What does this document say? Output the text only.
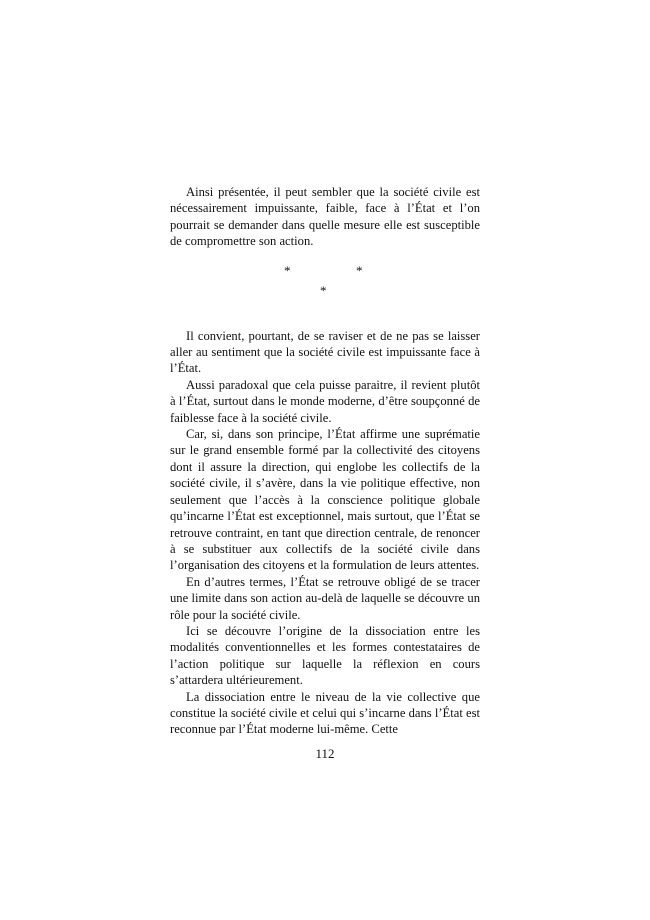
Ainsi présentée, il peut sembler que la société civile est nécessairement impuissante, faible, face à l’État et l’on pourrait se demander dans quelle mesure elle est susceptible de compromettre son action.

*	*
*

Il convient, pourtant, de se raviser et de ne pas se laisser aller au sentiment que la société civile est impuissante face à l’État.

Aussi paradoxal que cela puisse paraitre, il revient plutôt à l’État, surtout dans le monde moderne, d’être soupçonné de faiblesse face à la société civile.

Car, si, dans son principe, l’État affirme une suprématie sur le grand ensemble formé par la collectivité des citoyens dont il assure la direction, qui englobe les collectifs de la société civile, il s’avère, dans la vie politique effective, non seulement que l’accès à la conscience politique globale qu’incarne l’État est exceptionnel, mais surtout, que l’État se retrouve contraint, en tant que direction centrale, de renoncer à se substituer aux collectifs de la société civile dans l’organisation des citoyens et la formulation de leurs attentes.

En d’autres termes, l’État se retrouve obligé de se tracer une limite dans son action au-delà de laquelle se découvre un rôle pour la société civile.

Ici se découvre l’origine de la dissociation entre les modalités conventionnelles et les formes contestataires de l’action politique sur laquelle la réflexion en cours s’attardera ultérieurement.

La dissociation entre le niveau de la vie collective que constitue la société civile et celui qui s’incarne dans l’État est reconnue par l’État moderne lui-même. Cette

112
